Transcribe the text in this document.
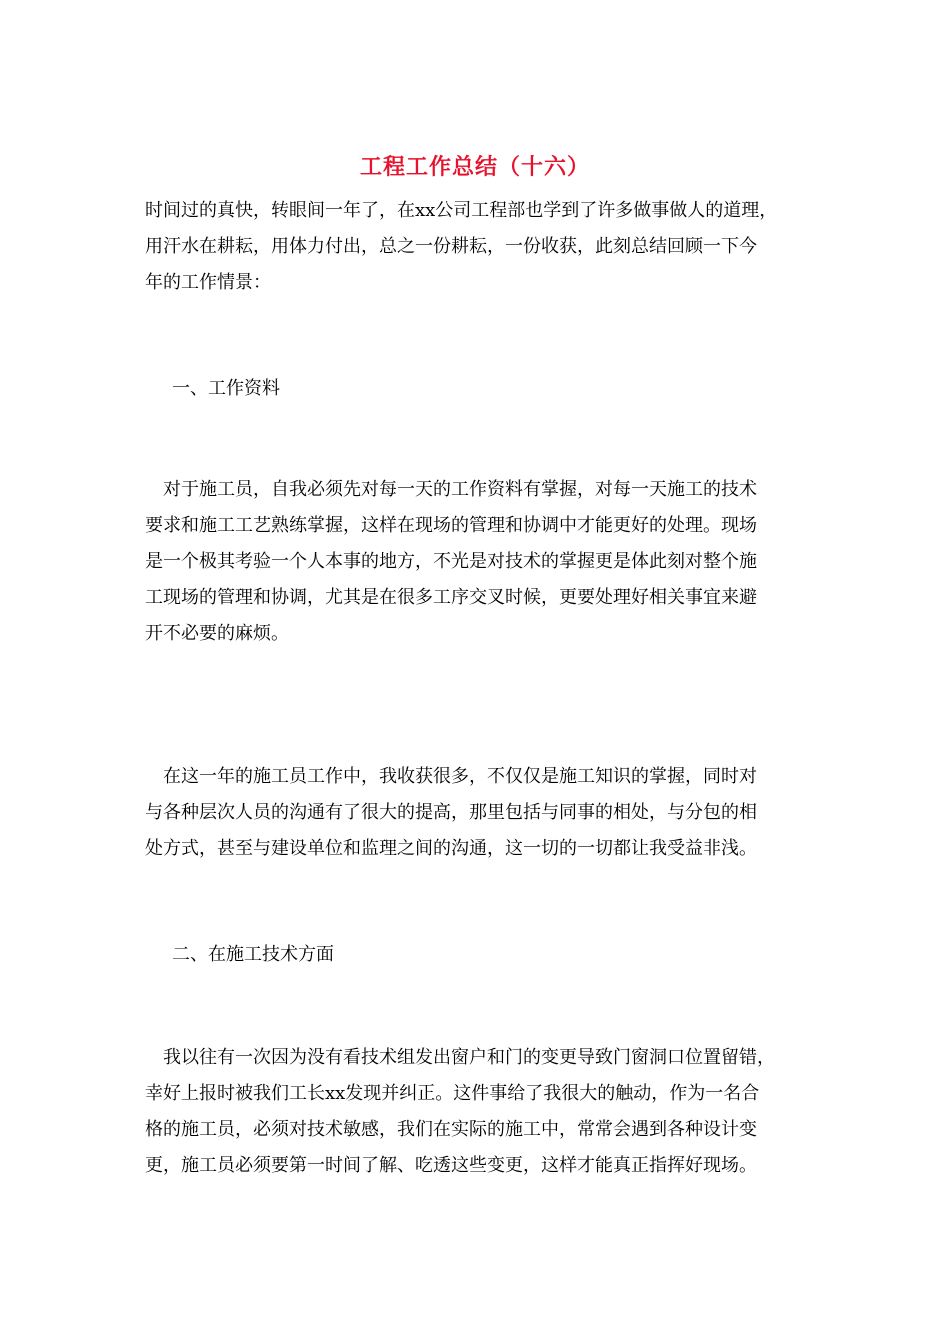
工程工作总结（十六）
时间过的真快，转眼间一年了，在xx公司工程部也学到了许多做事做人的道理，
用汗水在耕耘，用体力付出，总之一份耕耘，一份收获，此刻总结回顾一下今
年的工作情景：
一、工作资料
　对于施工员，自我必须先对每一天的工作资料有掌握，对每一天施工的技术
要求和施工工艺熟练掌握，这样在现场的管理和协调中才能更好的处理。现场
是一个极其考验一个人本事的地方，不光是对技术的掌握更是体此刻对整个施
工现场的管理和协调，尤其是在很多工序交叉时候，更要处理好相关事宜来避
开不必要的麻烦。
　在这一年的施工员工作中，我收获很多，不仅仅是施工知识的掌握，同时对
与各种层次人员的沟通有了很大的提高，那里包括与同事的相处，与分包的相
处方式，甚至与建设单位和监理之间的沟通，这一切的一切都让我受益非浅。
二、在施工技术方面
　我以往有一次因为没有看技术组发出窗户和门的变更导致门窗洞口位置留错，
幸好上报时被我们工长xx发现并纠正。这件事给了我很大的触动，作为一名合
格的施工员，必须对技术敏感，我们在实际的施工中，常常会遇到各种设计变
更，施工员必须要第一时间了解、吃透这些变更，这样才能真正指挥好现场。
